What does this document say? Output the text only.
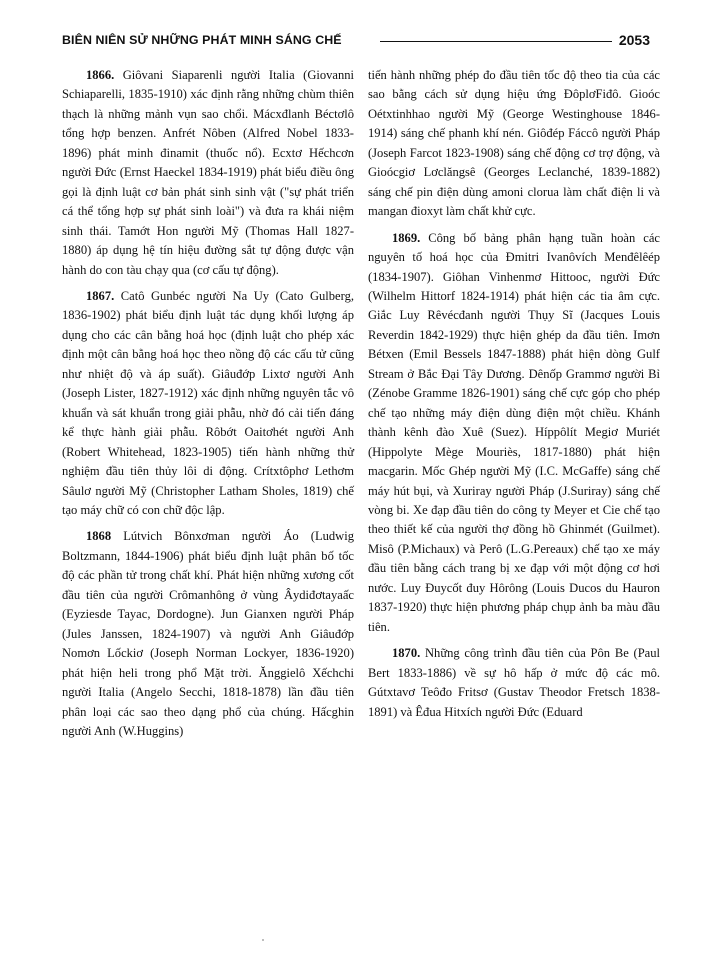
BIÊN NIÊN SỬ NHỮNG PHÁT MINH SÁNG CHẾ	2053

1866. Giôvani Siaparenli người Italia (Giovanni Schiaparelli, 1835-1910) xác định rằng những chùm thiên thạch là những mảnh vụn sao chổi. Mácxđlanh Béctơlô tổng hợp benzen. Anfrét Nôben (Alfred Nobel 1833-1896) phát minh đinamit (thuốc nổ). Ecxtơ Hếchcơn người Đức (Ernst Haeckel 1834-1919) phát biểu điều ông gọi là định luật cơ bản phát sinh sinh vật ("sự phát triển cá thể tổng hợp sự phát sinh loài") và đưa ra khái niệm sinh thái. Tamớt Hon người Mỹ (Thomas Hall 1827-1880) áp dụng hệ tín hiệu đường sắt tự động được vận hành do con tàu chạy qua (cơ cấu tự động).

1867. Catô Gunbéc người Na Uy (Cato Gulberg, 1836-1902) phát biểu định luật tác dụng khối lượng áp dụng cho các cân bằng hoá học (định luật cho phép xác định một cân bằng hoá học theo nồng độ các cấu tử cũng như nhiệt độ và áp suất). Giâuđớp Lixtơ người Anh (Joseph Lister, 1827-1912) xác định những nguyên tắc vô khuẩn và sát khuẩn trong giải phẫu, nhờ đó cải tiến đáng kể thực hành giải phẫu. Rôbớt Oaitơhét người Anh (Robert Whitehead, 1823-1905) tiến hành những thử nghiệm đầu tiên thủy lôi di động. Crítxtôphơ Lethơm Sâulơ người Mỹ (Christopher Latham Sholes, 1819) chế tạo máy chữ có con chữ độc lập.

1868 Lútvich Bônxơman người Áo (Ludwig Boltzmann, 1844-1906) phát biểu định luật phân bố tốc độ các phần tử trong chất khí. Phát hiện những xương cốt đầu tiên của người Crômanhông ở vùng Âydiđơtayaấc (Eyziesde Tayac, Dordogne). Jun Gianxen người Pháp (Jules Janssen, 1824-1907) và người Anh Giâuđớp Nomơn Lốckiơ (Joseph Norman Lockyer, 1836-1920) phát hiện heli trong phổ Mặt trời. Ănggielô Xếchchi người Italia (Angelo Secchi, 1818-1878) lần đầu tiên phân loại các sao theo dạng phổ của chúng. Hấcghin người Anh (W.Huggins)

tiến hành những phép đo đầu tiên tốc độ theo tia của các sao bằng cách sử dụng hiệu ứng ĐôplơFiđô. Gioóc Oétxtinhhao người Mỹ (George Westinghouse 1846-1914) sáng chế phanh khí nén. Giôđép Fáccô người Pháp (Joseph Farcot 1823-1908) sáng chế động cơ trợ động, và Gioócgiơ Lơclăngsê (Georges Leclanché, 1839-1882) sáng chế pin điện dùng amoni clorua làm chất điện li và mangan đioxyt làm chất khử cực.

1869. Công bố bảng phân hạng tuần hoàn các nguyên tố hoá học của Đmitri Ivanôvích Menđêlêép (1834-1907). Giôhan Vinhenmơ Hittooc, người Đức (Wilhelm Hittorf 1824-1914) phát hiện các tia âm cực. Giắc Luy Rêvécđanh người Thụy Sĩ (Jacques Louis Reverdin 1842-1929) thực hiện ghép da đầu tiên. Imơn Bétxen (Emil Bessels 1847-1888) phát hiện dòng Gulf Stream ở Bắc Đại Tây Dương. Dênốp Grammơ người Bỉ (Zénobe Gramme 1826-1901) sáng chế cực góp cho phép chế tạo những máy điện dùng điện một chiều. Khánh thành kênh đào Xuê (Suez). Híppôlít Megiơ Muriét (Hippolyte Mège Mouriès, 1817-1880) phát hiện macgarin. Mốc Ghép người Mỹ (I.C. McGaffe) sáng chế máy hút bụi, và Xuriray người Pháp (J.Suriray) sáng chế vòng bi. Xe đạp đầu tiên do công ty Meyer et Cie chế tạo theo thiết kế của người thợ đồng hồ Ghinmét (Guilmet). Misô (P.Michaux) và Perô (L.G.Pereaux) chế tạo xe máy đầu tiên bằng cách trang bị xe đạp với một động cơ hơi nước. Luy Đuycốt đuy Hôrông (Louis Ducos du Hauron 1837-1920) thực hiện phương pháp chụp ảnh ba màu đầu tiên.

1870. Những công trình đầu tiên của Pôn Be (Paul Bert 1833-1886) về sự hô hấp ở mức độ các mô. Gútxtavơ Teôđo Fritsơ (Gustav Theodor Fretsch 1838-1891) và Êđua Hitxích người Đức (Eduard
